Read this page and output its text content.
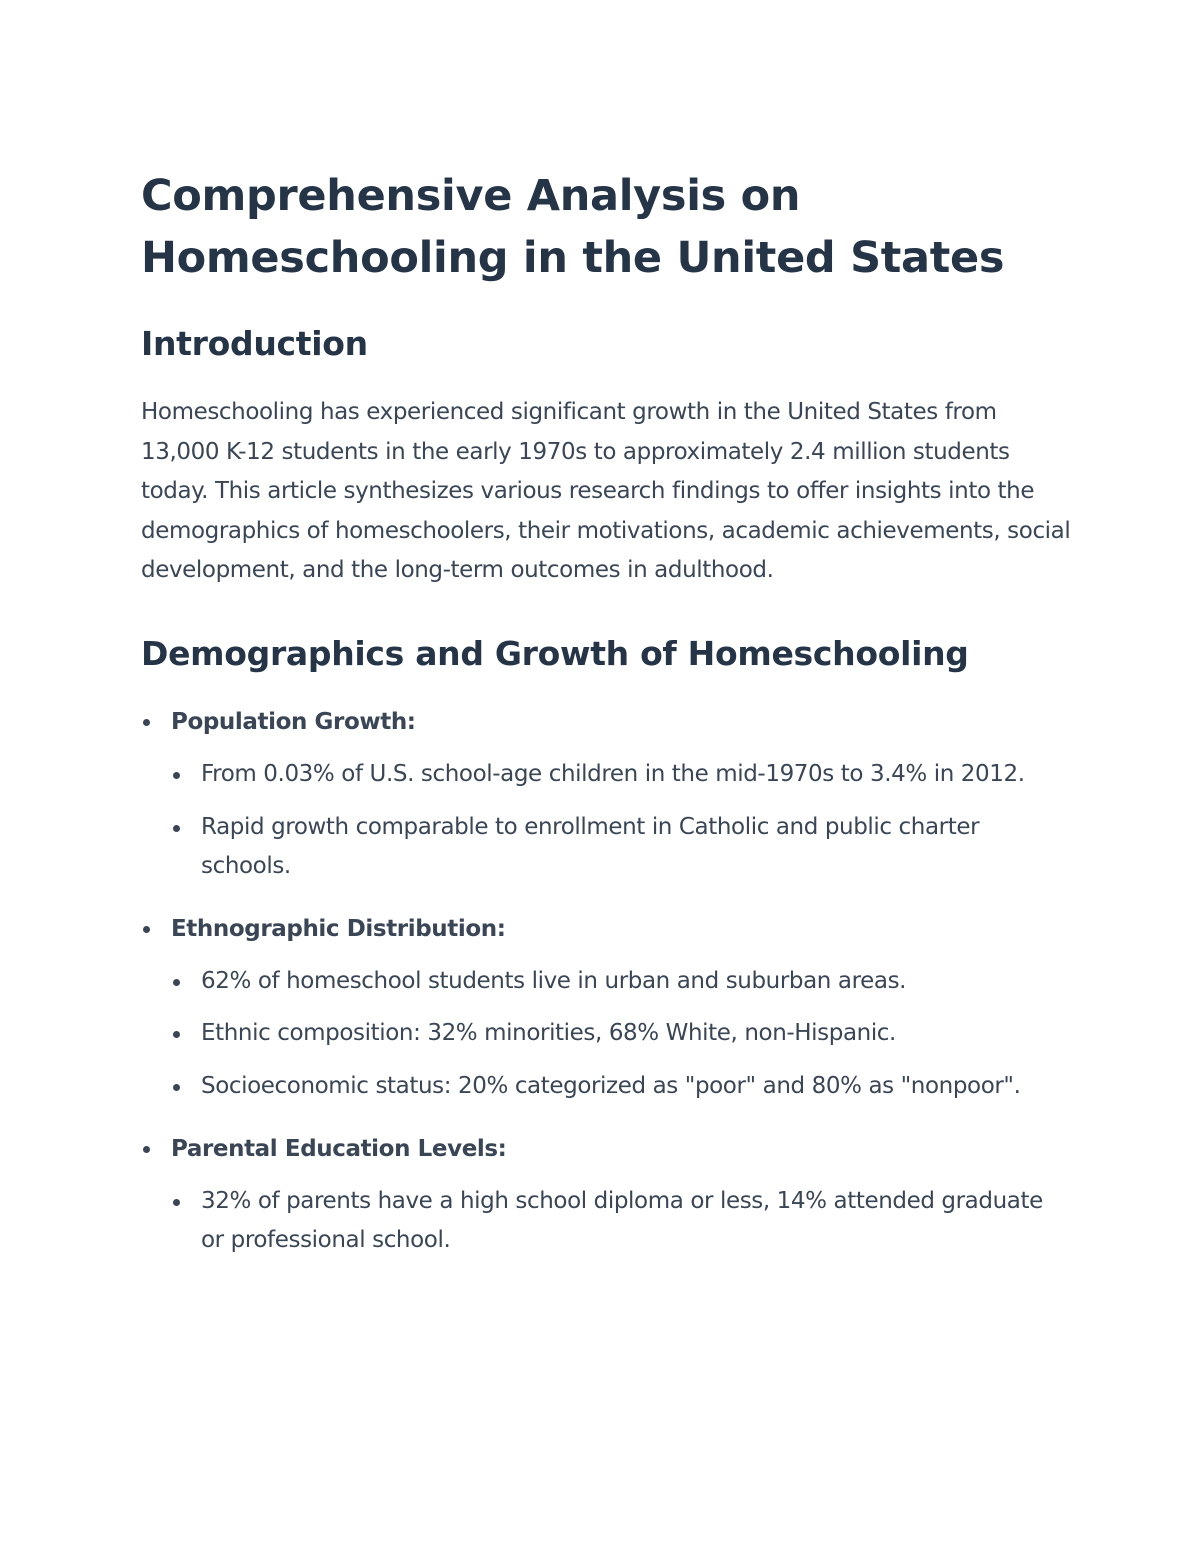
Comprehensive Analysis on Homeschooling in the United States
Introduction

Homeschooling has experienced significant growth in the United States from 13,000 K-12 students in the early 1970s to approximately 2.4 million students today. This article synthesizes various research findings to offer insights into the demographics of homeschoolers, their motivations, academic achievements, social development, and the long-term outcomes in adulthood.

Demographics and Growth of Homeschooling
Population Growth:
From 0.03% of U.S. school-age children in the mid-1970s to 3.4% in 2012.
Rapid growth comparable to enrollment in Catholic and public charter schools.
Ethnographic Distribution:
62% of homeschool students live in urban and suburban areas.
Ethnic composition: 32% minorities, 68% White, non-Hispanic.
Socioeconomic status: 20% categorized as "poor" and 80% as "nonpoor".
Parental Education Levels:
32% of parents have a high school diploma or less, 14% attended graduate or professional school.
